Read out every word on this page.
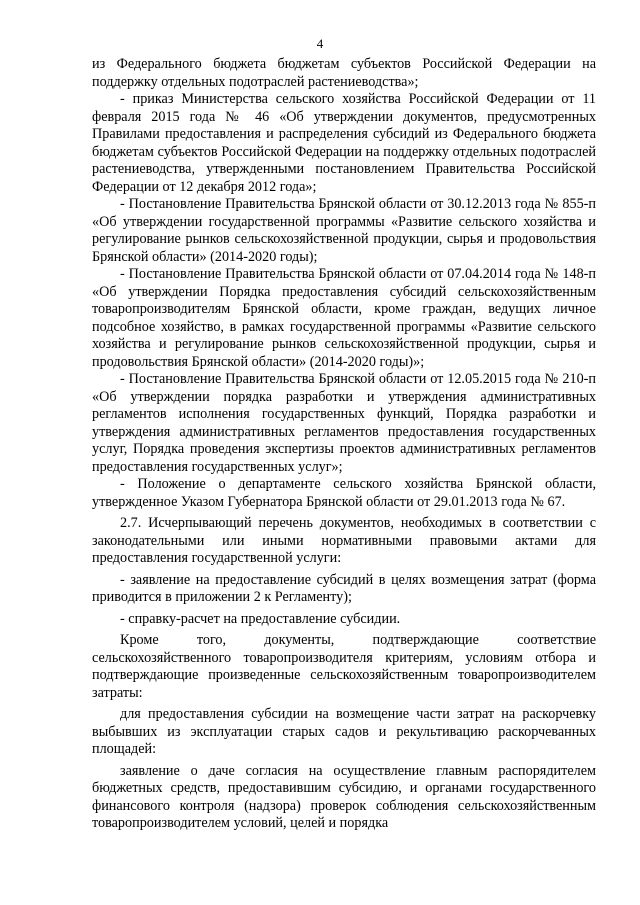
4

из Федерального бюджета бюджетам субъектов Российской Федерации на поддержку отдельных подотраслей растениеводства»;

- приказ Министерства сельского хозяйства Российской Федерации от 11 февраля 2015 года № 46 «Об утверждении документов, предусмотренных Правилами предоставления и распределения субсидий из Федерального бюджета бюджетам субъектов Российской Федерации на поддержку отдельных подотраслей растениеводства, утвержденными постановлением Правительства Российской Федерации от 12 декабря 2012 года»;

- Постановление Правительства Брянской области от 30.12.2013 года № 855-п «Об утверждении государственной программы «Развитие сельского хозяйства и регулирование рынков сельскохозяйственной продукции, сырья и продовольствия Брянской области» (2014-2020 годы);

- Постановление Правительства Брянской области от 07.04.2014 года № 148-п «Об утверждении Порядка предоставления субсидий сельскохозяйственным товаропроизводителям Брянской области, кроме граждан, ведущих личное подсобное хозяйство, в рамках государственной программы «Развитие сельского хозяйства и регулирование рынков сельскохозяйственной продукции, сырья и продовольствия Брянской области» (2014-2020 годы)»;

- Постановление Правительства Брянской области от 12.05.2015 года № 210-п «Об утверждении порядка разработки и утверждения административных регламентов исполнения государственных функций, Порядка разработки и утверждения административных регламентов предоставления государственных услуг, Порядка проведения экспертизы проектов административных регламентов предоставления государственных услуг»;

- Положение о департаменте сельского хозяйства Брянской области, утвержденное Указом Губернатора Брянской области от 29.01.2013 года № 67.

2.7. Исчерпывающий перечень документов, необходимых в соответствии с законодательными или иными нормативными правовыми актами для предоставления государственной услуги:

- заявление на предоставление субсидий в целях возмещения затрат (форма приводится в приложении 2 к Регламенту);

- справку-расчет на предоставление субсидии.

Кроме того, документы, подтверждающие соответствие сельскохозяйственного товаропроизводителя критериям, условиям отбора и подтверждающие произведенные сельскохозяйственным товаропроизводителем затраты:

для предоставления субсидии на возмещение части затрат на раскорчевку выбывших из эксплуатации старых садов и рекультивацию раскорчеванных площадей:

заявление о даче согласия на осуществление главным распорядителем бюджетных средств, предоставившим субсидию, и органами государственного финансового контроля (надзора) проверок соблюдения сельскохозяйственным товаропроизводителем условий, целей и порядка
